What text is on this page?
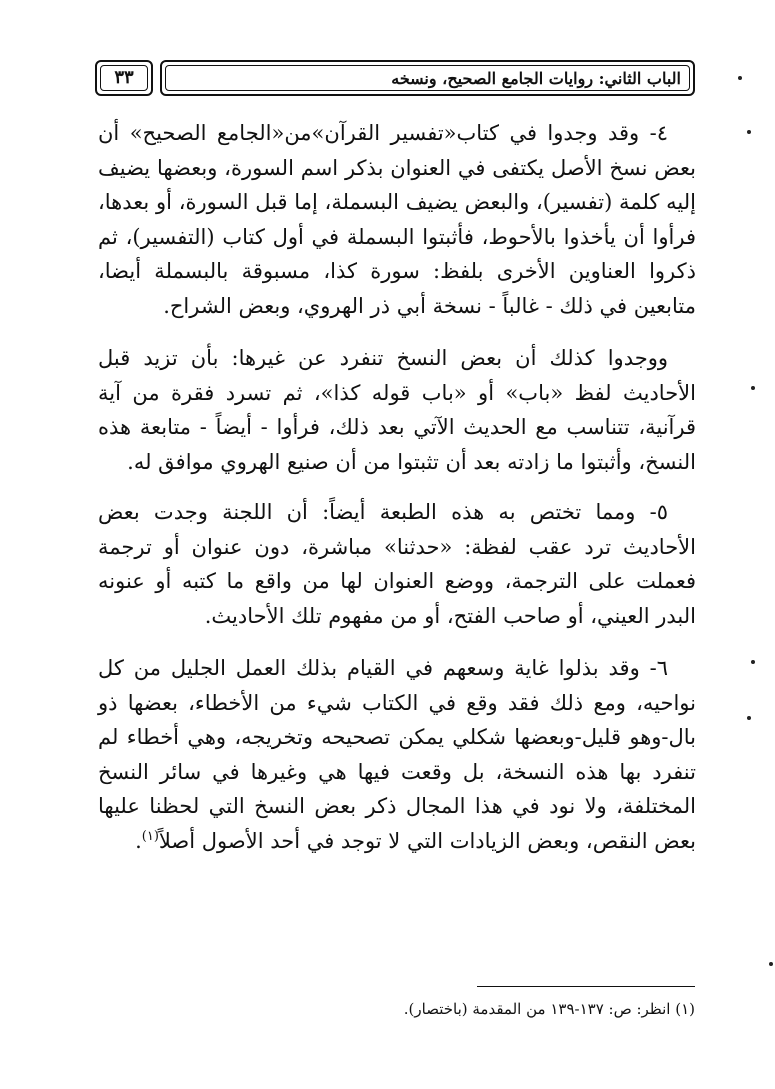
الباب الثاني: روايات الجامع الصحيح، ونسخه
٣٣

٤- وقد وجدوا في كتاب«تفسير القرآن»من«الجامع الصحيح» أن بعض نسخ الأصل يكتفى في العنوان بذكر اسم السورة، وبعضها يضيف إليه كلمة (تفسير)، والبعض يضيف البسملة، إما قبل السورة، أو بعدها، فرأوا أن يأخذوا بالأحوط، فأثبتوا البسملة في أول كتاب (التفسير)، ثم ذكروا العناوين الأخرى بلفظ: سورة كذا، مسبوقة بالبسملة أيضا، متابعين في ذلك - غالباً - نسخة أبي ذر الهروي، وبعض الشراح.

ووجدوا كذلك أن بعض النسخ تنفرد عن غيرها: بأن تزيد قبل الأحاديث لفظ «باب» أو «باب قوله كذا»، ثم تسرد فقرة من آية قرآنية، تتناسب مع الحديث الآتي بعد ذلك، فرأوا - أيضاً - متابعة هذه النسخ، وأثبتوا ما زادته بعد أن تثبتوا من أن صنيع الهروي موافق له.

٥- ومما تختص به هذه الطبعة أيضاً: أن اللجنة وجدت بعض الأحاديث ترد عقب لفظة: «حدثنا» مباشرة، دون عنوان أو ترجمة فعملت على الترجمة، ووضع العنوان لها من واقع ما كتبه أو عنونه البدر العيني، أو صاحب الفتح، أو من مفهوم تلك الأحاديث.

٦- وقد بذلوا غاية وسعهم في القيام بذلك العمل الجليل من كل نواحيه، ومع ذلك فقد وقع في الكتاب شيء من الأخطاء، بعضها ذو بال-وهو قليل-وبعضها شكلي يمكن تصحيحه وتخريجه، وهي أخطاء لم تنفرد بها هذه النسخة، بل وقعت فيها هي وغيرها في سائر النسخ المختلفة، ولا نود في هذا المجال ذكر بعض النسخ التي لحظنا عليها بعض النقص، وبعض الزيادات التي لا توجد في أحد الأصول أصلاً$^{(١)}$.

(١) انظر: ص: ١٣٧-١٣٩ من المقدمة (باختصار).
